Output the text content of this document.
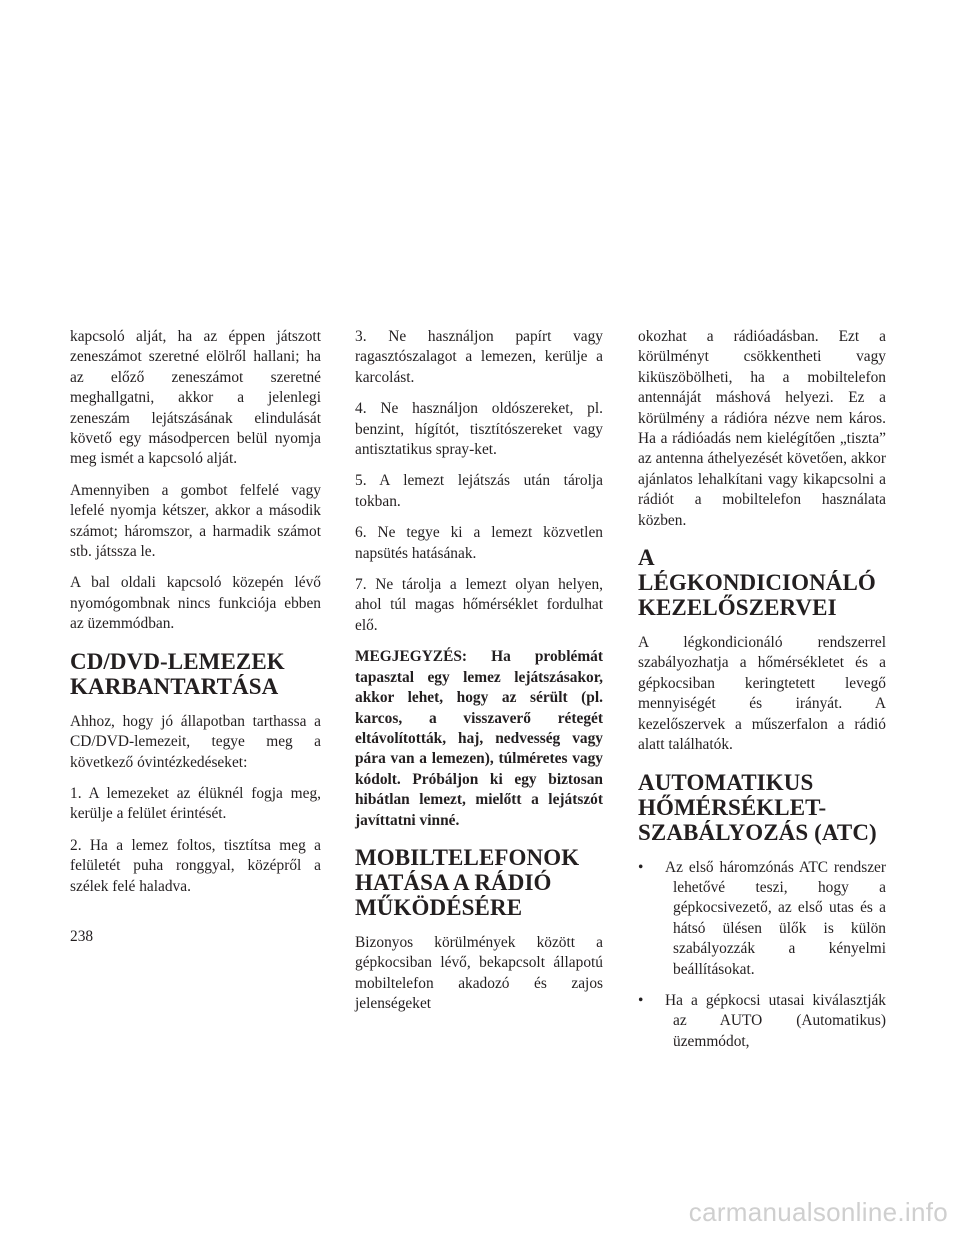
kapcsoló alját, ha az éppen játszott zeneszámot szeretné elölről hallani; ha az előző zeneszámot szeretné meghallgatni, akkor a jelenlegi zeneszám lejátszásának elindulását követő egy másodpercen belül nyomja meg ismét a kapcsoló alját.

Amennyiben a gombot felfelé vagy lefelé nyomja kétszer, akkor a második számot; háromszor, a harmadik számot stb. játssza le.

A bal oldali kapcsoló közepén lévő nyomógombnak nincs funkciója ebben az üzemmódban.

CD/DVD-LEMEZEK
KARBANTARTÁSA

Ahhoz, hogy jó állapotban tarthassa a CD/DVD-lemezeit, tegye meg a következő óvintézkedéseket:

1. A lemezeket az élüknél fogja meg, kerülje a felület érintését.

2. Ha a lemez foltos, tisztítsa meg a felületét puha ronggyal, középről a szélek felé haladva.

3. Ne használjon papírt vagy ragasztószalagot a lemezen, kerülje a karcolást.

4. Ne használjon oldószereket, pl. benzint, hígítót, tisztítószereket vagy antisztatikus spray-ket.

5. A lemezt lejátszás után tárolja tokban.

6. Ne tegye ki a lemezt közvetlen napsütés hatásának.

7. Ne tárolja a lemezt olyan helyen, ahol túl magas hőmérséklet fordulhat elő.

MEGJEGYZÉS: Ha problémát tapasztal egy lemez lejátszásakor, akkor lehet, hogy az sérült (pl. karcos, a visszaverő rétegét eltávolították, haj, nedvesség vagy pára van a lemezen), túlméretes vagy kódolt. Próbáljon ki egy biztosan hibátlan lemezt, mielőtt a lejátszót javíttatni vinné.

MOBILTELEFONOK
HATÁSA A RÁDIÓ
MŰKÖDÉSÉRE

Bizonyos körülmények között a gépkocsiban lévő, bekapcsolt állapotú mobiltelefon akadozó és zajos jelenségeket

okozhat a rádióadásban. Ezt a körülményt csökkentheti vagy kiküszöbölheti, ha a mobiltelefon antennáját máshová helyezi. Ez a körülmény a rádióra nézve nem káros. Ha a rádióadás nem kielégítően „tiszta” az antenna áthelyezését követően, akkor ajánlatos lehalkítani vagy kikapcsolni a rádiót a mobiltelefon használata közben.

A LÉGKONDICIONÁLÓ
KEZELŐSZERVEI

A légkondicionáló rendszerrel szabályozhatja a hőmérsékletet és a gépkocsiban keringtetett levegő mennyiségét és irányát. A kezelőszervek a műszerfalon a rádió alatt találhatók.

AUTOMATIKUS
HŐMÉRSÉKLET-
SZABÁLYOZÁS (ATC)

• Az első háromzónás ATC rendszer lehetővé teszi, hogy a gépkocsivezető, az első utas és a hátsó ülésen ülők is külön szabályozzák a kényelmi beállításokat.

• Ha a gépkocsi utasai kiválasztják az AUTO (Automatikus) üzemmódot,

238
carmanualsonline.info
